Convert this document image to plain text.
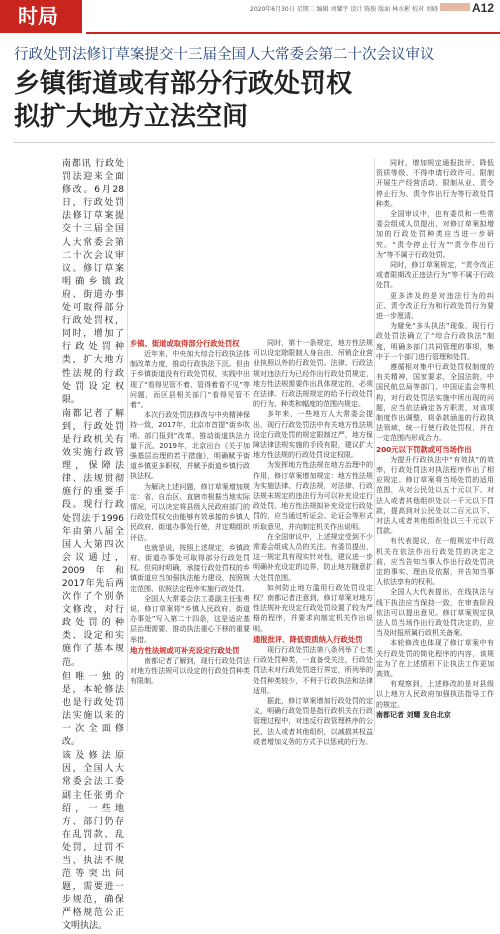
时局	2020年6月30日 星期二 编辑 刘耀宇 设计 陈俊 版面 林水彬 校对 刘晓	A12
行政处罚法修订草案提交十三届全国人大常委会第二十次会议审议
乡镇街道或有部分行政处罚权
拟扩大地方立法空间

南都讯 行政处罚法迎来全面修改。6月28日，行政处罚法修订草案提交十三届全国人大常委会第二十次会议审议。修订草案明确乡镇政府、街道办事处可取得部分行政处罚权，同时，增加了行政处罚种类，扩大地方性法规的行政处罚设定权限。

南都记者了解到，行政处罚是行政机关有效实施行政管理，保障法律、法规贯彻施行的重要手段。现行行政处罚法于1996年由第八届全国人大第四次会议通过，2009年和2017年先后两次作了个别条文修改，对行政处罚的种类、设定和实施作了基本规范。

但唯一独的是，本轮修法也是行政处罚法实施以来的一次全面修改。

该及修法原因，全国人大常委会法工委副主任张勇介绍，一些地方、部门仍存在乱罚款、乱处罚，过罚不当、执法不规范等突出问题，需要进一步规范，确保严格规范公正文明执法。

乡镇、街道或取得部分行政处罚权

近年来，中央加大综合行政执法体制改革力度，推动行政执法下沉。但由于乡镇街道没有行政处罚权，实践中出现了“看得见管不着、管得着看不见”等问题，而区县相关部门“看得见管不着”。

本次行政处罚法修改与中央精神保持一致，2017年，北京市首提“街乡吹哨、部门报到”改革，推动街道执法力量下沉。2019年，北京出台《关于加强基层治理的若干措施》，明确赋予街道乡镇更多职权，并赋予街道乡镇行政执法权。

为解决上述问题，修订草案增加规定：省、自治区、直辖市根据当地实际情况，可以决定将县级人民政府部门的行政处罚权交由能够有效承接的乡镇人民政府、街道办事处行使，并定期组织评估。

也就是说，按照上述规定，乡镇政府、街道办事处可取得部分行政处罚权。但同时明确，承接行政处罚权的乡镇街道应当加强执法能力建设，按照规定范围、依照法定程序实施行政处罚。

全国人大常委会法工委副主任张勇说，修订草案将“乡镇人民政府、街道办事处”写入第二十四条，这是适应基层治理需要、推动执法重心下移的重要举措。

地方性法规或可补充设定行政处罚

南都记者了解到，现行行政处罚法对地方性法规可以设定的行政处罚种类有限制。

同时，第十一条规定，地方性法规可以设定除限制人身自由、吊销企业营业执照以外的行政处罚。法律、行政法规对违法行为已经作出行政处罚规定，地方性法规需要作出具体规定的，必须在法律、行政法规规定的给予行政处罚的行为、种类和幅度的范围内规定。

多年来，一些地方人大常委会提出，现行行政处罚法中有关地方性法规设定行政处罚的规定限制过严，地方保障法律法规实施的手段有限，建议扩大地方性法规的行政处罚设定权限。

为发挥地方性法规在地方治理中的作用，修订草案增加规定：地方性法规为实施法律、行政法规，对法律、行政法规未规定的违法行为可以补充设定行政处罚。地方性法规拟补充设定行政处罚的，应当通过听证会、论证会等形式听取意见，并向制定机关作出说明。

在全国审议中，上述规定受到不少常委会组成人员的关注。有委员提出，这一规定具有现实针对性，建议进一步明确补充设定的边界，防止地方随意扩大处罚范围。

如何防止地方滥用行政处罚设定权？南都记者注意到，修订草案对地方性法规补充设定行政处罚设置了较为严格的程序，并要求向制定机关作出说明。

通报批评、降低资质纳入行政处罚

现行行政处罚法第八条列举了七类行政处罚种类，一直备受关注，行政处罚法未对行政处罚进行界定，所列举的处罚种类较少，不利于行政执法和法律适用。

据此，修订草案增加行政处罚的定义，明确行政处罚是指行政机关在行政管理过程中，对违反行政管理秩序的公民、法人或者其他组织，以减损其权益或者增加义务的方式予以惩戒的行为。

同时，增加规定通报批评、降低资质等级、不得申请行政许可、限制开展生产经营活动、限制从业、责令停止行为、责令作出行为等行政处罚种类。

全国审议中，也有委员和一些常委会组成人员提出，对修订草案拟增加的行政处罚种类应当进一步研究。“责令停止行为”“责令作出行为”等不属于行政处罚。

同时，修订草案规定，“责令改正或者限期改正违法行为”等不属于行政处罚。

更多涉及的是对违法行为的纠正、责令改正行为和行政处罚行为要进一步厘清。

为避免“多头执法”现象，现行行政处罚法确立了“综合行政执法”制度，明确多部门共同管理的事项，集中于一个部门进行管理和处罚。

遵循相对集中行政处罚权制度的有关精神，国家要求，全国法院、中国民航总局等部门、中国证监会等机构，对行政处罚法实施中所出现的问题，应当依法确定各方职责，对该项制度作出调整，将条款涵盖的行政执法领域，统一行使行政处罚权，并在一定范围内形成合力。

200元以下罚款或可当场作出

为提升行政执法中“有效执”的效率，行政处罚法对执法程序作出了相应规定。修订草案将当场处罚的适用范围，从对公民处以五十元以下、对法人或者其他组织处以一千元以下罚款，提高到对公民处以二百元以下、对法人或者其他组织处以三千元以下罚款。

有代表提议，在一般规定中行政机关在依法作出行政处罚的决定之前，应当告知当事人作出行政处罚决定的事实、理由及依据，并告知当事人依法享有的权利。

全国人大代表提出，在线执法与线下执法应当保持一致，在审查阶段依法可以提出意见。修订草案规定执法人员当场作出行政处罚决定的，应当及时报所属行政机关备案。

本轮修改也体现了修订草案中有关行政处罚的简化程序的内容，该规定为了在上述情形下让执法工作更加高效。

有观察到，上述修改的是对县级以上地方人民政府加强执法指导工作的规定。

南都记者 刘耀 发自北京
